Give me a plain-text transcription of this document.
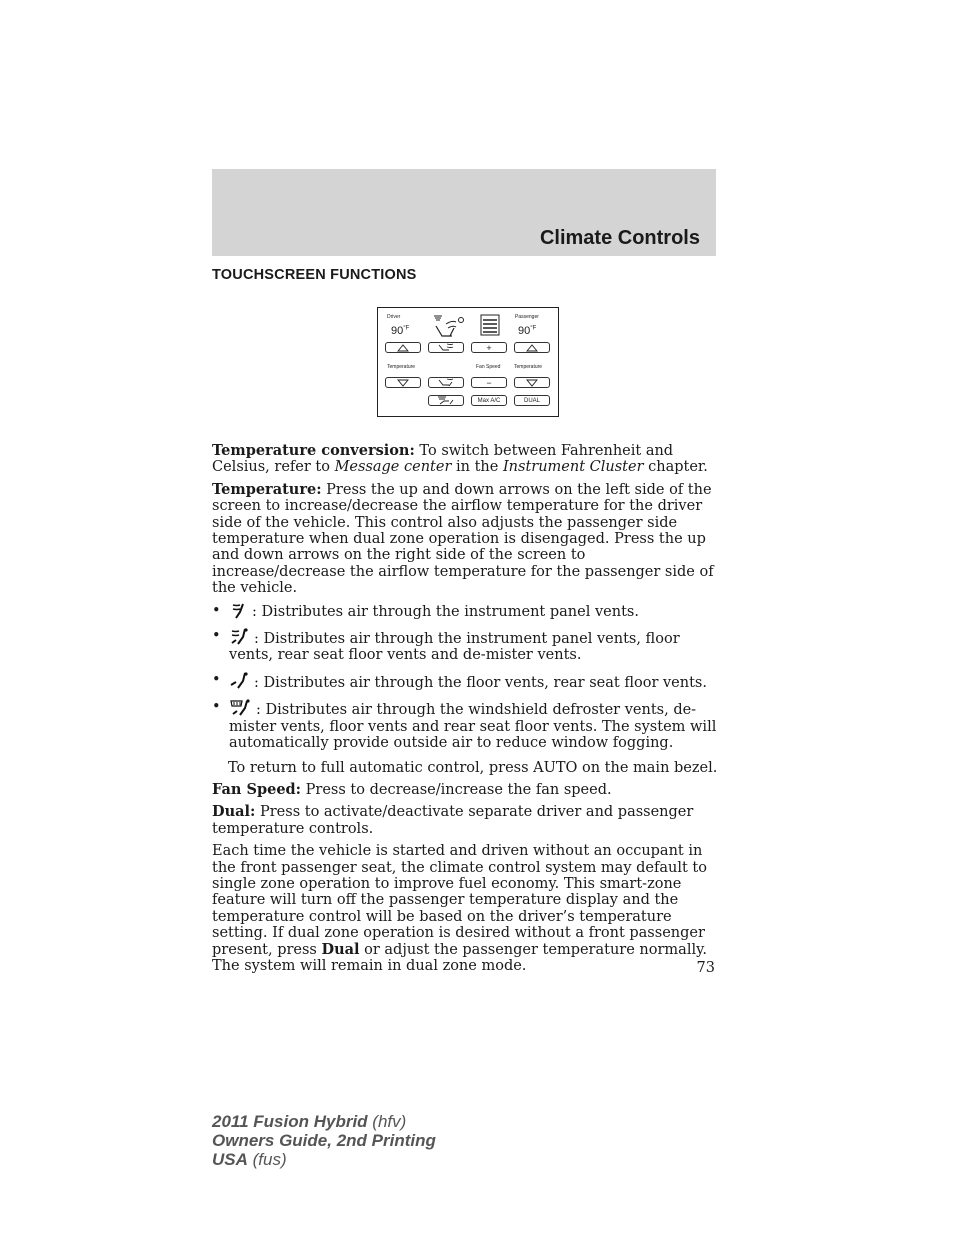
Climate Controls
TOUCHSCREEN FUNCTIONS
Driver	Passenger
$90^{^\circ F}$	$90^{^\circ F}$
+
Temperature	Fan Speed	Temperature
−
Max A/C	DUAL

Temperature conversion: To switch between Fahrenheit and Celsius, refer to Message center in the Instrument Cluster chapter.

Temperature: Press the up and down arrows on the left side of the screen to increase/decrease the airflow temperature for the driver side of the vehicle. This control also adjusts the passenger side temperature when dual zone operation is disengaged. Press the up and down arrows on the right side of the screen to increase/decrease the airflow temperature for the passenger side of the vehicle.

• : Distributes air through the instrument panel vents.
• : Distributes air through the instrument panel vents, floor vents, rear seat floor vents and de-mister vents.
• : Distributes air through the floor vents, rear seat floor vents.
• : Distributes air through the windshield defroster vents, de-mister vents, floor vents and rear seat floor vents. The system will automatically provide outside air to reduce window fogging.

To return to full automatic control, press AUTO on the main bezel.

Fan Speed: Press to decrease/increase the fan speed.

Dual: Press to activate/deactivate separate driver and passenger temperature controls.

Each time the vehicle is started and driven without an occupant in the front passenger seat, the climate control system may default to single zone operation to improve fuel economy. This smart-zone feature will turn off the passenger temperature display and the temperature control will be based on the driver’s temperature setting. If dual zone operation is desired without a front passenger present, press Dual or adjust the passenger temperature normally. The system will remain in dual zone mode.	73
2011 Fusion Hybrid (hfv)
Owners Guide, 2nd Printing
USA (fus)
